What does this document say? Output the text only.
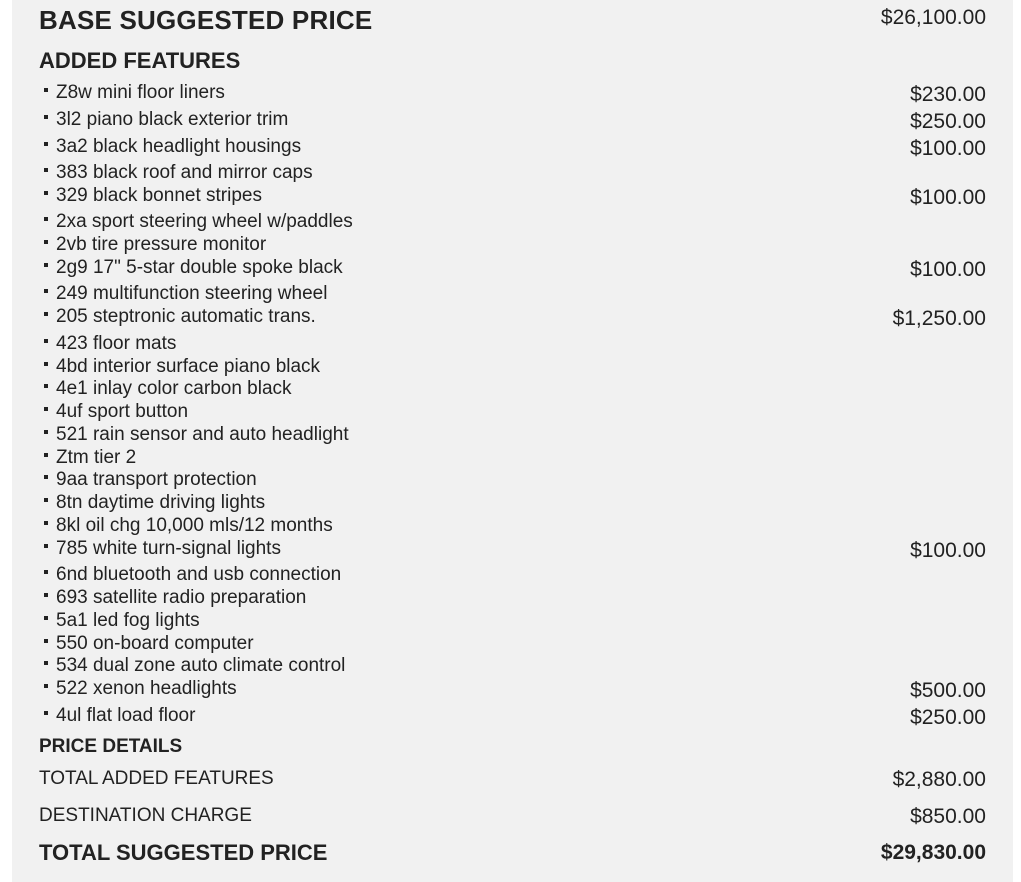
BASE SUGGESTED PRICE	$26,100.00
ADDED FEATURES
Z8w mini floor liners	$230.00
3l2 piano black exterior trim	$250.00
3a2 black headlight housings	$100.00
383 black roof and mirror caps
329 black bonnet stripes	$100.00
2xa sport steering wheel w/paddles
2vb tire pressure monitor
2g9 17" 5-star double spoke black	$100.00
249 multifunction steering wheel
205 steptronic automatic trans.	$1,250.00
423 floor mats
4bd interior surface piano black
4e1 inlay color carbon black
4uf sport button
521 rain sensor and auto headlight
Ztm tier 2
9aa transport protection
8tn daytime driving lights
8kl oil chg 10,000 mls/12 months
785 white turn-signal lights	$100.00
6nd bluetooth and usb connection
693 satellite radio preparation
5a1 led fog lights
550 on-board computer
534 dual zone auto climate control
522 xenon headlights	$500.00
4ul flat load floor	$250.00
PRICE DETAILS
TOTAL ADDED FEATURES	$2,880.00
DESTINATION CHARGE	$850.00
TOTAL SUGGESTED PRICE	$29,830.00
